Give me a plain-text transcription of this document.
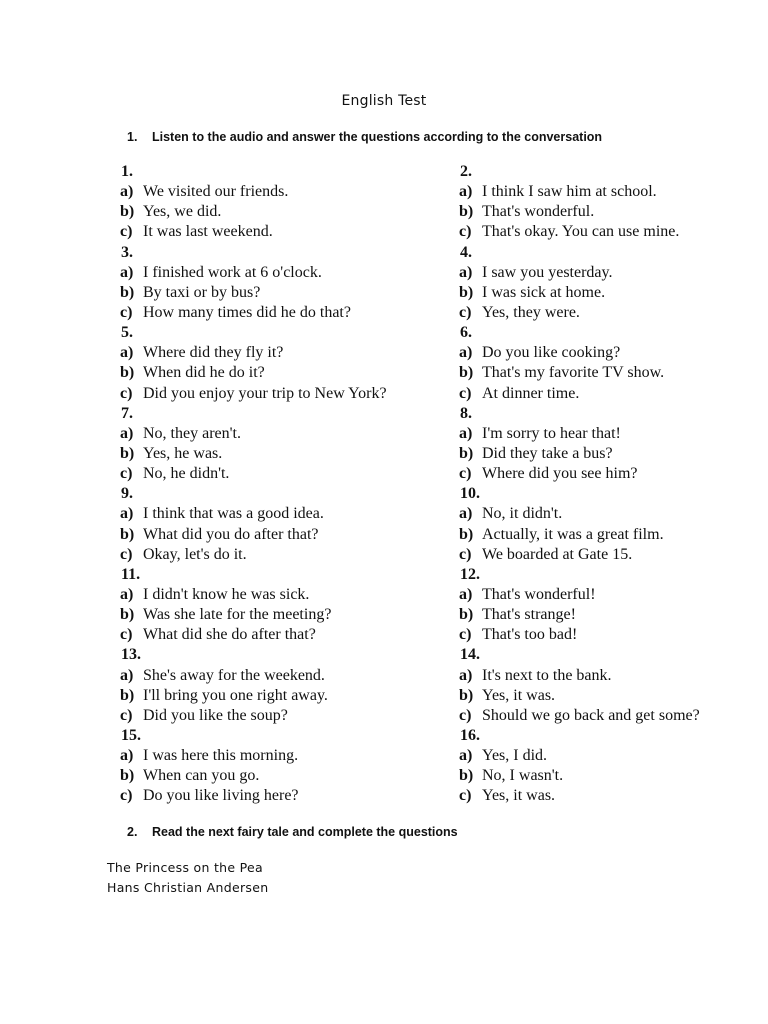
English Test
1. Listen to the audio and answer the questions according to the conversation
1.
a) We visited our friends.
b) Yes, we did.
c) It was last weekend.
3.
a) I finished work at 6 o'clock.
b) By taxi or by bus?
c) How many times did he do that?
5.
a) Where did they fly it?
b) When did he do it?
c) Did you enjoy your trip to New York?
7.
a) No, they aren't.
b) Yes, he was.
c) No, he didn't.
9.
a) I think that was a good idea.
b) What did you do after that?
c) Okay, let's do it.
11.
a) I didn't know he was sick.
b) Was she late for the meeting?
c) What did she do after that?
13.
a) She's away for the weekend.
b) I'll bring you one right away.
c) Did you like the soup?
15.
a) I was here this morning.
b) When can you go.
c) Do you like living here?
2.
a) I think I saw him at school.
b) That's wonderful.
c) That's okay. You can use mine.
4.
a) I saw you yesterday.
b) I was sick at home.
c) Yes, they were.
6.
a) Do you like cooking?
b) That's my favorite TV show.
c) At dinner time.
8.
a) I'm sorry to hear that!
b) Did they take a bus?
c) Where did you see him?
10.
a) No, it didn't.
b) Actually, it was a great film.
c) We boarded at Gate 15.
12.
a) That's wonderful!
b) That's strange!
c) That's too bad!
14.
a) It's next to the bank.
b) Yes, it was.
c) Should we go back and get some?
16.
a) Yes, I did.
b) No, I wasn't.
c) Yes, it was.
2. Read the next fairy tale and complete the questions
The Princess on the Pea
Hans Christian Andersen
